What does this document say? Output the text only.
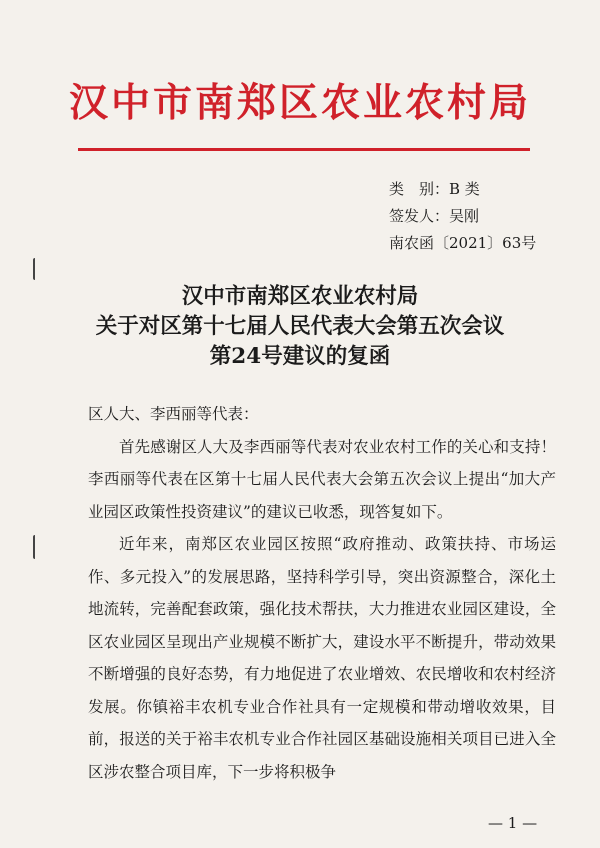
汉中市南郑区农业农村局
类　别：B 类
签发人：吴刚
南农函〔2021〕63号
汉中市南郑区农业农村局
关于对区第十七届人民代表大会第五次会议
第24号建议的复函

区人大、李西丽等代表：

首先感谢区人大及李西丽等代表对农业农村工作的关心和支持！李西丽等代表在区第十七届人民代表大会第五次会议上提出“加大产业园区政策性投资建议”的建议已收悉，现答复如下。

近年来，南郑区农业园区按照“政府推动、政策扶持、市场运作、多元投入”的发展思路，坚持科学引导，突出资源整合，深化土地流转，完善配套政策，强化技术帮扶，大力推进农业园区建设，全区农业园区呈现出产业规模不断扩大，建设水平不断提升，带动效果不断增强的良好态势，有力地促进了农业增效、农民增收和农村经济发展。你镇裕丰农机专业合作社具有一定规模和带动增收效果，目前，报送的关于裕丰农机专业合作社园区基础设施相关项目已进入全区涉农整合项目库，下一步将积极争

— 1 —
